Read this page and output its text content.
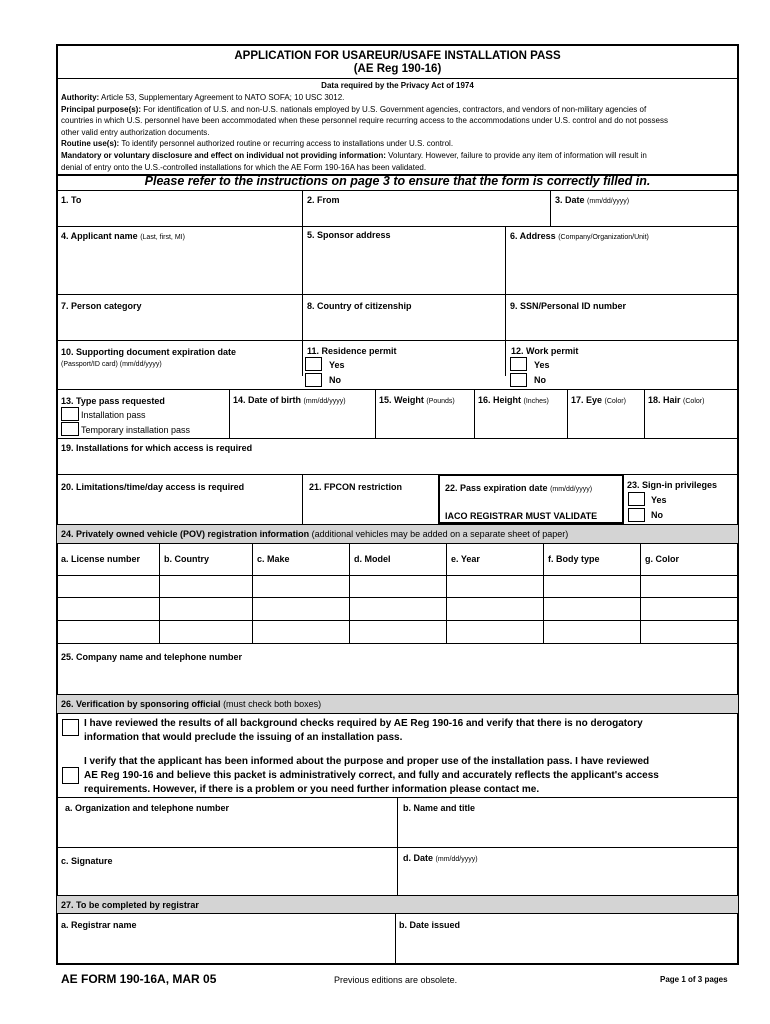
APPLICATION FOR USAREUR/USAFE INSTALLATION PASS
(AE Reg 190-16)
Data required by the Privacy Act of 1974
Authority: Article 53, Supplementary Agreement to NATO SOFA; 10 USC 3012.
Principal purpose(s): For identification of U.S. and non-U.S. nationals employed by U.S. Government agencies, contractors, and vendors of non-military agencies of
countries in which U.S. personnel have been accommodated when these personnel require recurring access to the accommodations under U.S. control and do not possess
other valid entry authorization documents.
Routine use(s): To identify personnel authorized routine or recurring access to installations under U.S. control.
Mandatory or voluntary disclosure and effect on individual not providing information: Voluntary. However, failure to provide any item of information will result in
denial of entry onto the U.S.-controlled installations for which the AE Form 190-16A has been validated.
Please refer to the instructions on page 3 to ensure that the form is correctly filled in.
1. To	2. From	3. Date (mm/dd/yyyy)
4. Applicant name (Last, first, MI)	5. Sponsor address	6. Address (Company/Organization/Unit)
7. Person category	8. Country of citizenship	9. SSN/Personal ID number
10. Supporting document expiration date
(Passport/ID card) (mm/dd/yyyy)
11. Residence permit
Yes
No
12. Work permit
Yes
No
13. Type pass requested
Installation pass
Temporary installation pass
14. Date of birth (mm/dd/yyyy)	15. Weight (Pounds)	16. Height (Inches) 17. Eye (Color) 18. Hair (Color)
19. Installations for which access is required
20. Limitations/time/day access is required	21. FPCON restriction	22. Pass expiration date (mm/dd/yyyy)
IACO REGISTRAR MUST VALIDATE
23. Sign-in privileges
Yes
No
24. Privately owned vehicle (POV) registration information (additional vehicles may be added on a separate sheet of paper)
a. License number	b. Country	c. Make	d. Model	e. Year	f. Body type	g. Color
25. Company name and telephone number
26. Verification by sponsoring official (must check both boxes)
I have reviewed the results of all background checks required by AE Reg 190-16 and verify that there is no derogatory
information that would preclude the issuing of an installation pass.
I verify that the applicant has been informed about the purpose and proper use of the installation pass. I have reviewed
AE Reg 190-16 and believe this packet is administratively correct, and fully and accurately reflects the applicant's access
requirements. However, if there is a problem or you need further information please contact me.
a. Organization and telephone number	b. Name and title
c. Signature	d. Date (mm/dd/yyyy)
27. To be completed by registrar
a. Registrar name	b. Date issued
AE FORM 190-16A, MAR 05	Previous editions are obsolete.	Page 1 of 3 pages
